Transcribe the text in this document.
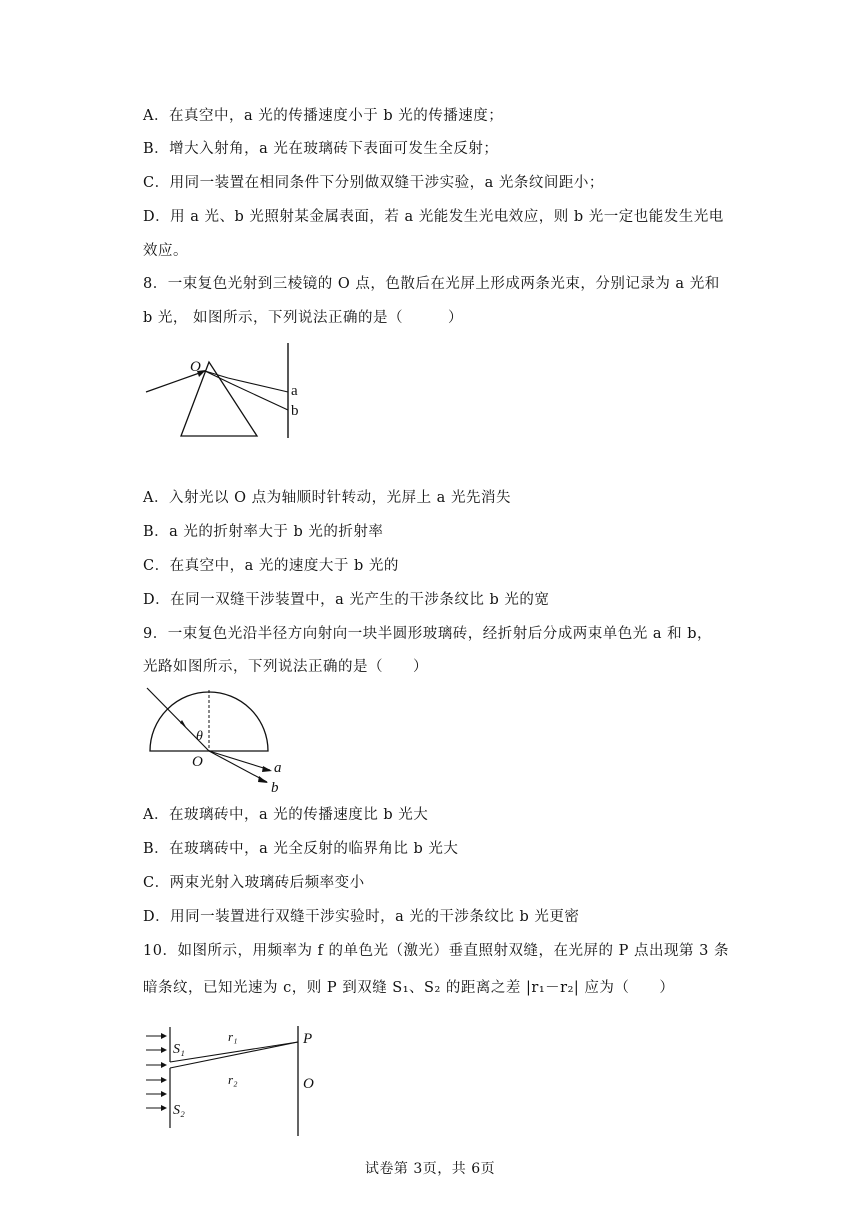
A．在真空中，a 光的传播速度小于 b 光的传播速度；
B．增大入射角，a 光在玻璃砖下表面可发生全反射；
C．用同一装置在相同条件下分别做双缝干涉实验，a 光条纹间距小；
D．用 a 光、b 光照射某金属表面，若 a 光能发生光电效应，则 b 光一定也能发生光电
效应。
8．一束复色光射到三棱镜的 O 点，色散后在光屏上形成两条光束，分别记录为 a 光和
b 光， 如图所示，下列说法正确的是（　　　）
O
a
b
A．入射光以 O 点为轴顺时针转动，光屏上 a 光先消失
B．a 光的折射率大于 b 光的折射率
C．在真空中，a 光的速度大于 b 光的
D．在同一双缝干涉装置中，a 光产生的干涉条纹比 b 光的宽
9．一束复色光沿半径方向射向一块半圆形玻璃砖，经折射后分成两束单色光 a 和 b，
光路如图所示，下列说法正确的是（　　）
θ
O	a
b
A．在玻璃砖中，a 光的传播速度比 b 光大
B．在玻璃砖中，a 光全反射的临界角比 b 光大
C．两束光射入玻璃砖后频率变小
D．用同一装置进行双缝干涉实验时，a 光的干涉条纹比 b 光更密
10．如图所示，用频率为 f 的单色光（激光）垂直照射双缝，在光屏的 P 点出现第 3 条
暗条纹，已知光速为 c，则 P 到双缝 S₁、S₂ 的距离之差 |r₁－r₂| 应为（　　）
S₁
S₂
r₁
r₂
P
O
试卷第 3页，共 6页
